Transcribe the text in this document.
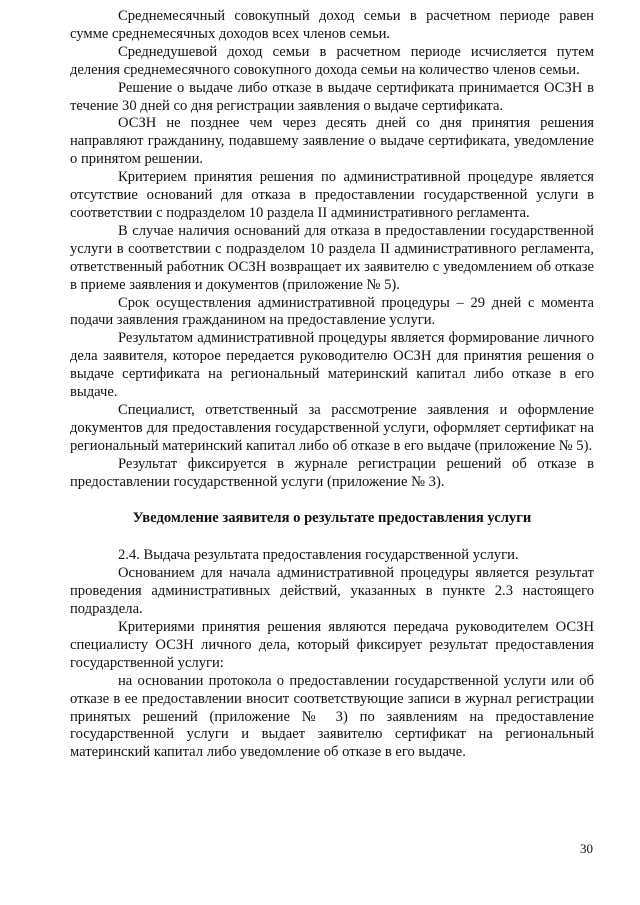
Среднемесячный совокупный доход семьи в расчетном периоде равен сумме среднемесячных доходов всех членов семьи.

Среднедушевой доход семьи в расчетном периоде исчисляется путем деления среднемесячного совокупного дохода семьи на количество членов семьи.

Решение о выдаче либо отказе в выдаче сертификата принимается ОСЗН в течение 30 дней со дня регистрации заявления о выдаче сертификата.

ОСЗН не позднее чем через десять дней со дня принятия решения направляют гражданину, подавшему заявление о выдаче сертификата, уведомление о принятом решении.

Критерием принятия решения по административной процедуре является отсутствие оснований для отказа в предоставлении государственной услуги в соответствии с подразделом 10 раздела II административного регламента.

В случае наличия оснований для отказа в предоставлении государственной услуги в соответствии с подразделом 10 раздела II административного регламента, ответственный работник ОСЗН возвращает их заявителю с уведомлением об отказе в приеме заявления и документов (приложение № 5).

Срок осуществления административной процедуры – 29 дней с момента подачи заявления гражданином на предоставление услуги.

Результатом административной процедуры является формирование личного дела заявителя, которое передается руководителю ОСЗН для принятия решения о выдаче сертификата на региональный материнский капитал либо отказе в его выдаче.

Специалист, ответственный за рассмотрение заявления и оформление документов для предоставления государственной услуги, оформляет сертификат на региональный материнский капитал либо об отказе в его выдаче (приложение № 5).

Результат фиксируется в журнале регистрации решений об отказе в предоставлении государственной услуги (приложение № 3).

Уведомление заявителя о результате предоставления услуги

2.4. Выдача результата предоставления государственной услуги.

Основанием для начала административной процедуры является результат проведения административных действий, указанных в пункте 2.3 настоящего подраздела.

Критериями принятия решения являются передача руководителем ОСЗН специалисту ОСЗН личного дела, который фиксирует результат предоставления государственной услуги:

на основании протокола о предоставлении государственной услуги или об отказе в ее предоставлении вносит соответствующие записи в журнал регистрации принятых решений (приложение № 3) по заявлениям на предоставление государственной услуги и выдает заявителю сертификат на региональный материнский капитал либо уведомление об отказе в его выдаче.

30
